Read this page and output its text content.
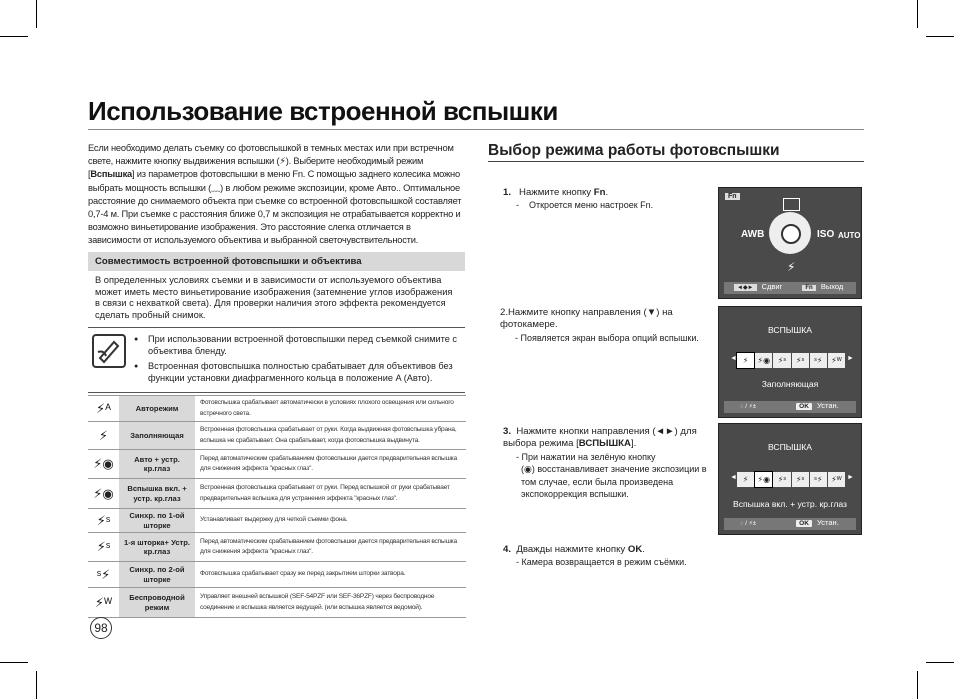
Использование встроенной вспышки
Если необходимо делать съемку со фотовспышкой в темных местах или при встречном свете, нажмите кнопку выдвижения вспышки (⚡). Выберите необходимый режим [Вспышка] из параметров фотовспышки в меню Fn. С помощью заднего колесика можно выбрать мощность вспышки (﹏) в любом режиме экспозиции, кроме Авто.. Оптимальное расстояние до снимаемого объекта при съемке со встроенной фотовспышкой составляет 0,7-4 м. При съемке с расстояния ближе 0,7 м экспозиция не отрабатывается корректно и возможно виньетирование изображения. Это расстояние слегка отличается в зависимости от используемого объектива и выбранной светочувствительности.
Совместимость встроенной фотовспышки и объектива
В определенных условиях съемки и в зависимости от используемого объектива может иметь место виньетирование изображения (затемнение углов изображения в связи с нехваткой света). Для проверки наличия этого эффекта рекомендуется сделать пробный снимок.
● При использовании встроенной фотовспышки перед съемкой снимите с объектива бленду.
● Встроенная фотовспышка полностью срабатывает для объективов без функции установки диафрагменного кольца в положение A (Авто).
⚡ᴬ	Авторежим	Фотовспышка срабатывает автоматически в условиях плохого освещения или сильного встречного света.
⚡	Заполняющая	Встроенная фотовспышка срабатывает от руки. Когда выдвижная фотовспышка убрана, вспышка не срабатывает. Она срабатывает, когда фотовспышка выдвинута.
⚡◉	Авто + устр. кр.глаз	Перед автоматическим срабатыванием фотовспышки дается предварительная вспышка для снижения эффекта "красных глаз".
⚡◉	Вспышка вкл. + устр. кр.глаз	Встроенная фотовспышка срабатывает от руки. Перед вспышкой от руки срабатывает предварительная вспышка для устранения эффекта "красных глаз".
⚡ˢ	Синхр. по 1-ой шторке	Устанавливает выдержку для четкой съемки фона.
⚡ˢ	1-я шторка+ Устр. кр.глаз	Перед автоматическим срабатыванием фотовспышки дается предварительная вспышка для снижения эффекта "красных глаз".
ˢ⚡	Синхр. по 2-ой шторке	Фотовспышка срабатывает сразу же перед закрытием шторки затвора.
⚡ᵂ	Беспроводной режим	Управляет внешней вспышкой (SEF-54PZF или SEF-36PZF) через беспроводное соединение и вспышка является ведущей. (или вспышка является ведомой).
98
Выбор режима работы фотовспышки
1. Нажмите кнопку Fn.
-    Откроется меню настроек Fn.
Fn
AWB	ISO AUTO
⚡
◄◆► Сдвиг	Fn Выход
2.Нажмите кнопку направления (▼) на фотокамере.
- Появляется экран выбора опций вспышки.
ВСПЫШКА
◄ ⚡	⚡◉ ⚡ˢ	⚡ˢ	ˢ⚡	⚡ᵂ ►
Заполняющая
◌ / ⚡±	OK Устан.
3. Нажмите кнопки направления (◄►) для выбора режима [ВСПЫШКА].
- При нажатии на зелёную кнопку
(◉) восстанавливает значение экспозиции в том случае, если была произведена экспокоррекция вспышки.
ВСПЫШКА
◄ ⚡	⚡◉ ⚡ˢ	⚡ˢ	ˢ⚡	⚡ᵂ ►
Вспышка вкл. + устр. кр.глаз
◌ / ⚡±	OK Устан.
4. Дважды нажмите кнопку OK.
- Камера возвращается в режим съёмки.
